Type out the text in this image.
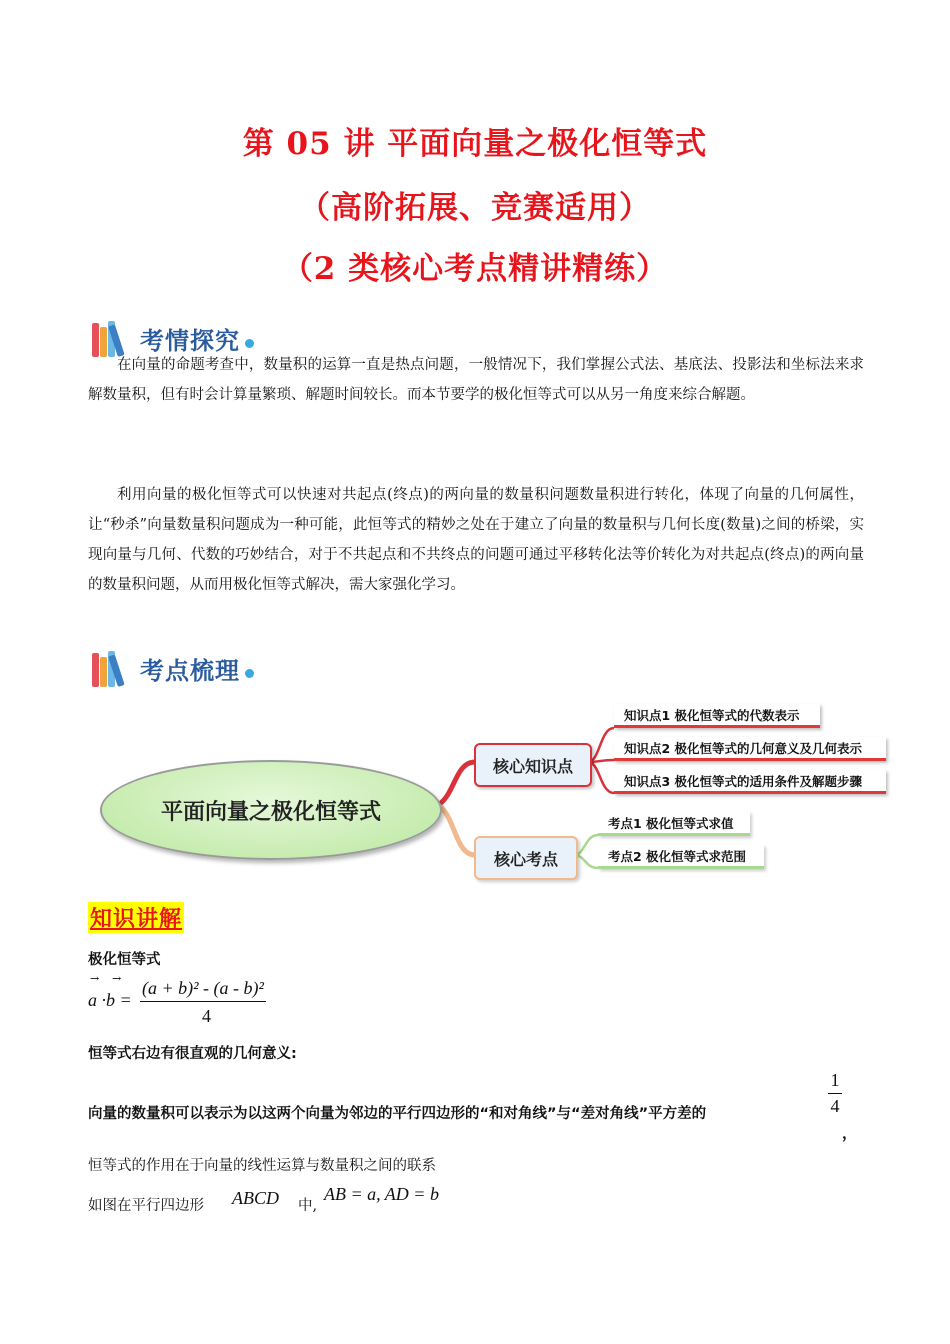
第 05 讲 平面向量之极化恒等式
（高阶拓展、竞赛适用）
（2 类核心考点精讲精练）
考情探究

在向量的命题考查中，数量积的运算一直是热点问题，一般情况下，我们掌握公式法、基底法、投影法和坐标法来求解数量积，但有时会计算量繁琐、解题时间较长。而本节要学的极化恒等式可以从另一角度来综合解题。

利用向量的极化恒等式可以快速对共起点(终点)的两向量的数量积问题数量积进行转化，体现了向量的几何属性，让“秒杀”向量数量积问题成为一种可能，此恒等式的精妙之处在于建立了向量的数量积与几何长度(数量)之间的桥梁，实现向量与几何、代数的巧妙结合，对于不共起点和不共终点的问题可通过平移转化法等价转化为对共起点(终点)的两向量的数量积问题，从而用极化恒等式解决，需大家强化学习。

考点梳理
平面向量之极化恒等式
核心知识点
核心考点
知识点1 极化恒等式的代数表示
知识点2 极化恒等式的几何意义及几何表示
知识点3 极化恒等式的适用条件及解题步骤
考点1 极化恒等式求值
考点2 极化恒等式求范围
知识讲解
极化恒等式
→ →
a ·b =
(a + b)² - (a - b)²
4
恒等式右边有很直观的几何意义:
向量的数量积可以表示为以这两个向量为邻边的平行四边形的“和对角线”与“差对角线”平方差的
1
4
，
恒等式的作用在于向量的线性运算与数量积之间的联系
如图在平行四边形 ABCD 中,
AB = a, AD = b
